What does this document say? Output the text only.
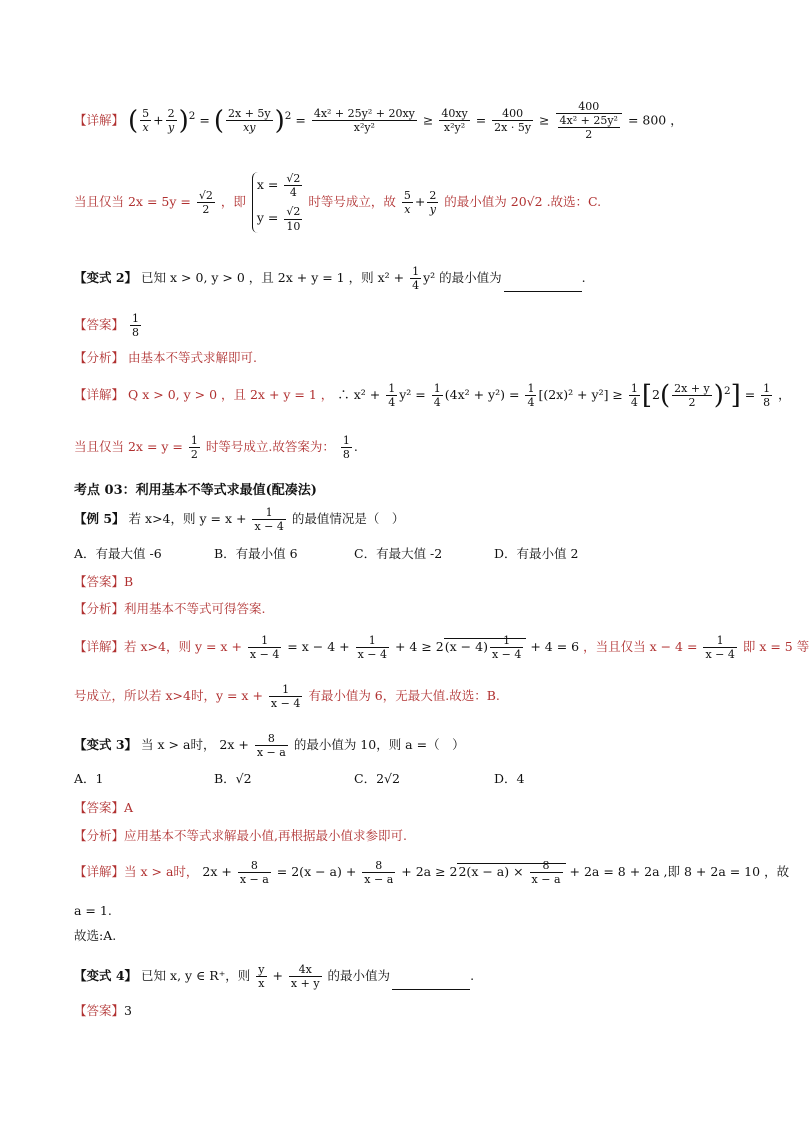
【详解】 ( $\frac{5}{x} + \frac{2}{y} )^2$ = ( $\frac{2x + 5y}{xy} )^2 = \frac{\text{4x² + 25y² + 20xy}}{\text{x²y²}} \ge \frac{40xy}{\text{x²y²}} = \frac{400}{2x \cdot 5y} \ge \frac{400}{\frac{\text{4x² + 25y²}}{2}} = 800$ ，
当且仅当 $2x = 5y = \frac{√2}{2}$ ，即
$x = \frac{√2}{4}$
$y = \frac{√2}{10}$
时等号成立，故 $\frac{5}{x} + \frac{2}{y}$ 的最小值为 20√2 .故选：C.
【变式 2】 已知 x > 0, y > 0 ，且 2x + y = 1 ，则 $x^2 + \frac{1}{4} y^2$ 的最小值为	.
【答案】 $\frac{1}{8}$
【分析】 由基本不等式求解即可.
【详解】 Q x > 0, y > 0 ，且 2x + y = 1 ， ∴ $x^2 + \frac{1}{4} y^2 = \frac{1}{4} (4x^2 + y^2) = \frac{1}{4} [(2x)^2 + y^2] \ge \frac{1}{4} [2( \frac{2x + y}{2} )^2] = \frac{1}{8}$ ，
当且仅当 $2x = y = \frac{1}{2}$ 时等号成立.故答案为： $\frac{1}{8}$ .
考点 03：利用基本不等式求最值(配凑法)
【例 5】 若 x>4，则 $y = x + \frac{1}{x - 4}$ 的最值情况是（　）
A．有最大值 -6	B．有最小值 6	C．有最大值 -2	D．有最小值 2
【答案】B
【分析】利用基本不等式可得答案.
【详解】若 x>4，则 $y = x + \frac{1}{x - 4} = x - 4 + \frac{1}{x - 4} + 4 \ge 2(x - 4) \frac{1}{x - 4} + 4 = 6$ ，当且仅当 $x - 4 = \frac{1}{x - 4}$ 即 x = 5 等
号成立，所以若 x>4时，$y = x + \frac{1}{x - 4}$ 有最小值为 6，无最大值.故选：B.
【变式 3】 当 x > a时， $2x + \frac{8}{x - a}$ 的最小值为 10，则 a =（　）
A．1	B．√2	C．2√2	D．4
【答案】A
【分析】应用基本不等式求解最小值,再根据最小值求参即可.
【详解】当 x > a时， $2x + \frac{8}{x - a} = 2(x - a) + \frac{8}{x - a} + 2a \ge 22(x - a) \times \frac{8}{x - a} + 2a = 8 + 2a$ ,即 8 + 2a = 10 ，故
a = 1.
故选:A.
【变式 4】 已知 x, y ∈ R⁺，则 $\frac{y}{x} + \frac{4x}{x + y}$ 的最小值为	.
【答案】3
